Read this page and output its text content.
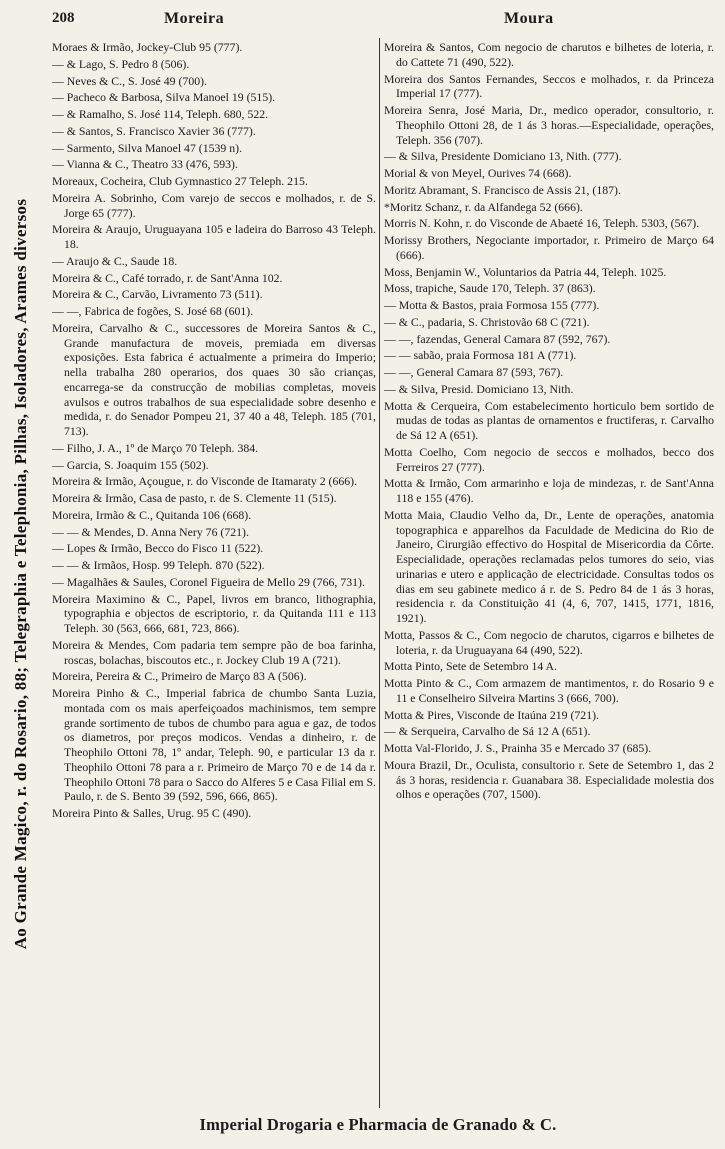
Ao Grande Magico, r. do Rosario, 88; Telegraphia e Telephonia, Pilhas, Isoladores, Arames diversos
208	Moreira	Moura

Moraes & Irmão, Jockey-Club 95 (777).

— & Lago, S. Pedro 8 (506).

— Neves & C., S. José 49 (700).

— Pacheco & Barbosa, Silva Manoel 19 (515).

— & Ramalho, S. José 114, Teleph. 680, 522.

— & Santos, S. Francisco Xavier 36 (777).

— Sarmento, Silva Manoel 47 (1539 n).

— Vianna & C., Theatro 33 (476, 593).

Moreaux, Cocheira, Club Gymnastico 27 Teleph. 215.

Moreira A. Sobrinho, Com varejo de seccos e molhados, r. de S. Jorge 65 (777).

Moreira & Araujo, Uruguayana 105 e ladeira do Barroso 43 Teleph. 18.

— Araujo & C., Saude 18.

Moreira & C., Café torrado, r. de Sant'Anna 102.

Moreira & C., Carvão, Livramento 73 (511).

— —, Fabrica de fogões, S. José 68 (601).

Moreira, Carvalho & C., successores de Moreira Santos & C., Grande manufactura de moveis, premiada em diversas exposições. Esta fabrica é actualmente a primeira do Imperio; nella trabalha 280 operarios, dos quaes 30 são crianças, encarrega-se da construcção de mobilias completas, moveis avulsos e outros trabalhos de sua especialidade sobre desenho e medida, r. do Senador Pompeu 21, 37 40 a 48, Teleph. 185 (701, 713).

— Filho, J. A., 1º de Março 70 Teleph. 384.

— Garcia, S. Joaquim 155 (502).

Moreira & Irmão, Açougue, r. do Visconde de Itamaraty 2 (666).

Moreira & Irmão, Casa de pasto, r. de S. Clemente 11 (515).

Moreira, Irmão & C., Quitanda 106 (668).

— — & Mendes, D. Anna Nery 76 (721).

— Lopes & Irmão, Becco do Fisco 11 (522).

— — & Irmãos, Hosp. 99 Teleph. 870 (522).

— Magalhães & Saules, Coronel Figueira de Mello 29 (766, 731).

Moreira Maximino & C., Papel, livros em branco, lithographia, typographia e objectos de escriptorio, r. da Quitanda 111 e 113 Teleph. 30 (563, 666, 681, 723, 866).

Moreira & Mendes, Com padaria tem sempre pão de boa farinha, roscas, bolachas, biscoutos etc., r. Jockey Club 19 A (721).

Moreira, Pereira & C., Primeiro de Março 83 A (506).

Moreira Pinho & C., Imperial fabrica de chumbo Santa Luzia, montada com os mais aperfeiçoados machinismos, tem sempre grande sortimento de tubos de chumbo para agua e gaz, de todos os diametros, por preços modicos. Vendas a dinheiro, r. de Theophilo Ottoni 78, 1º andar, Teleph. 90, e particular 13 da r. Theophilo Ottoni 78 para a r. Primeiro de Março 70 e de 14 da r. Theophilo Ottoni 78 para o Sacco do Alferes 5 e Casa Filial em S. Paulo, r. de S. Bento 39 (592, 596, 666, 865).

Moreira Pinto & Salles, Urug. 95 C (490).

Moreira & Santos, Com negocio de charutos e bilhetes de loteria, r. do Cattete 71 (490, 522).

Moreira dos Santos Fernandes, Seccos e molhados, r. da Princeza Imperial 17 (777).

Moreira Senra, José Maria, Dr., medico operador, consultorio, r. Theophilo Ottoni 28, de 1 ás 3 horas.—Especialidade, operações, Teleph. 356 (707).

— & Silva, Presidente Domiciano 13, Nith. (777).

Morial & von Meyel, Ourives 74 (668).

Moritz Abramant, S. Francisco de Assis 21, (187).

*Moritz Schanz, r. da Alfandega 52 (666).

Morris N. Kohn, r. do Visconde de Abaeté 16, Teleph. 5303, (567).

Morissy Brothers, Negociante importador, r. Primeiro de Março 64 (666).

Moss, Benjamin W., Voluntarios da Patria 44, Teleph. 1025.

Moss, trapiche, Saude 170, Teleph. 37 (863).

— Motta & Bastos, praia Formosa 155 (777).

— & C., padaria, S. Christovão 68 C (721).

— —, fazendas, General Camara 87 (592, 767).

— — sabão, praia Formosa 181 A (771).

— —, General Camara 87 (593, 767).

— & Silva, Presid. Domiciano 13, Nith.

Motta & Cerqueira, Com estabelecimento horticulo bem sortido de mudas de todas as plantas de ornamentos e fructiferas, r. Carvalho de Sá 12 A (651).

Motta Coelho, Com negocio de seccos e molhados, becco dos Ferreiros 27 (777).

Motta & Irmão, Com armarinho e loja de mindezas, r. de Sant'Anna 118 e 155 (476).

Motta Maia, Claudio Velho da, Dr., Lente de operações, anatomia topographica e apparelhos da Faculdade de Medicina do Rio de Janeiro, Cirurgião effectivo do Hospital de Misericordia da Côrte. Especialidade, operações reclamadas pelos tumores do seio, vias urinarias e utero e applicação de electricidade. Consultas todos os dias em seu gabinete medico á r. de S. Pedro 84 de 1 ás 3 horas, residencia r. da Constituição 41 (4, 6, 707, 1415, 1771, 1816, 1921).

Motta, Passos & C., Com negocio de charutos, cigarros e bilhetes de loteria, r. da Uruguayana 64 (490, 522).

Motta Pinto, Sete de Setembro 14 A.

Motta Pinto & C., Com armazem de mantimentos, r. do Rosario 9 e 11 e Conselheiro Silveira Martins 3 (666, 700).

Motta & Pires, Visconde de Itaúna 219 (721).

— & Serqueira, Carvalho de Sá 12 A (651).

Motta Val-Florido, J. S., Prainha 35 e Mercado 37 (685).

Moura Brazil, Dr., Oculista, consultorio r. Sete de Setembro 1, das 2 ás 3 horas, residencia r. Guanabara 38. Especialidade molestia dos olhos e operações (707, 1500).

Imperial Drogaria e Pharmacia de Granado & C.
